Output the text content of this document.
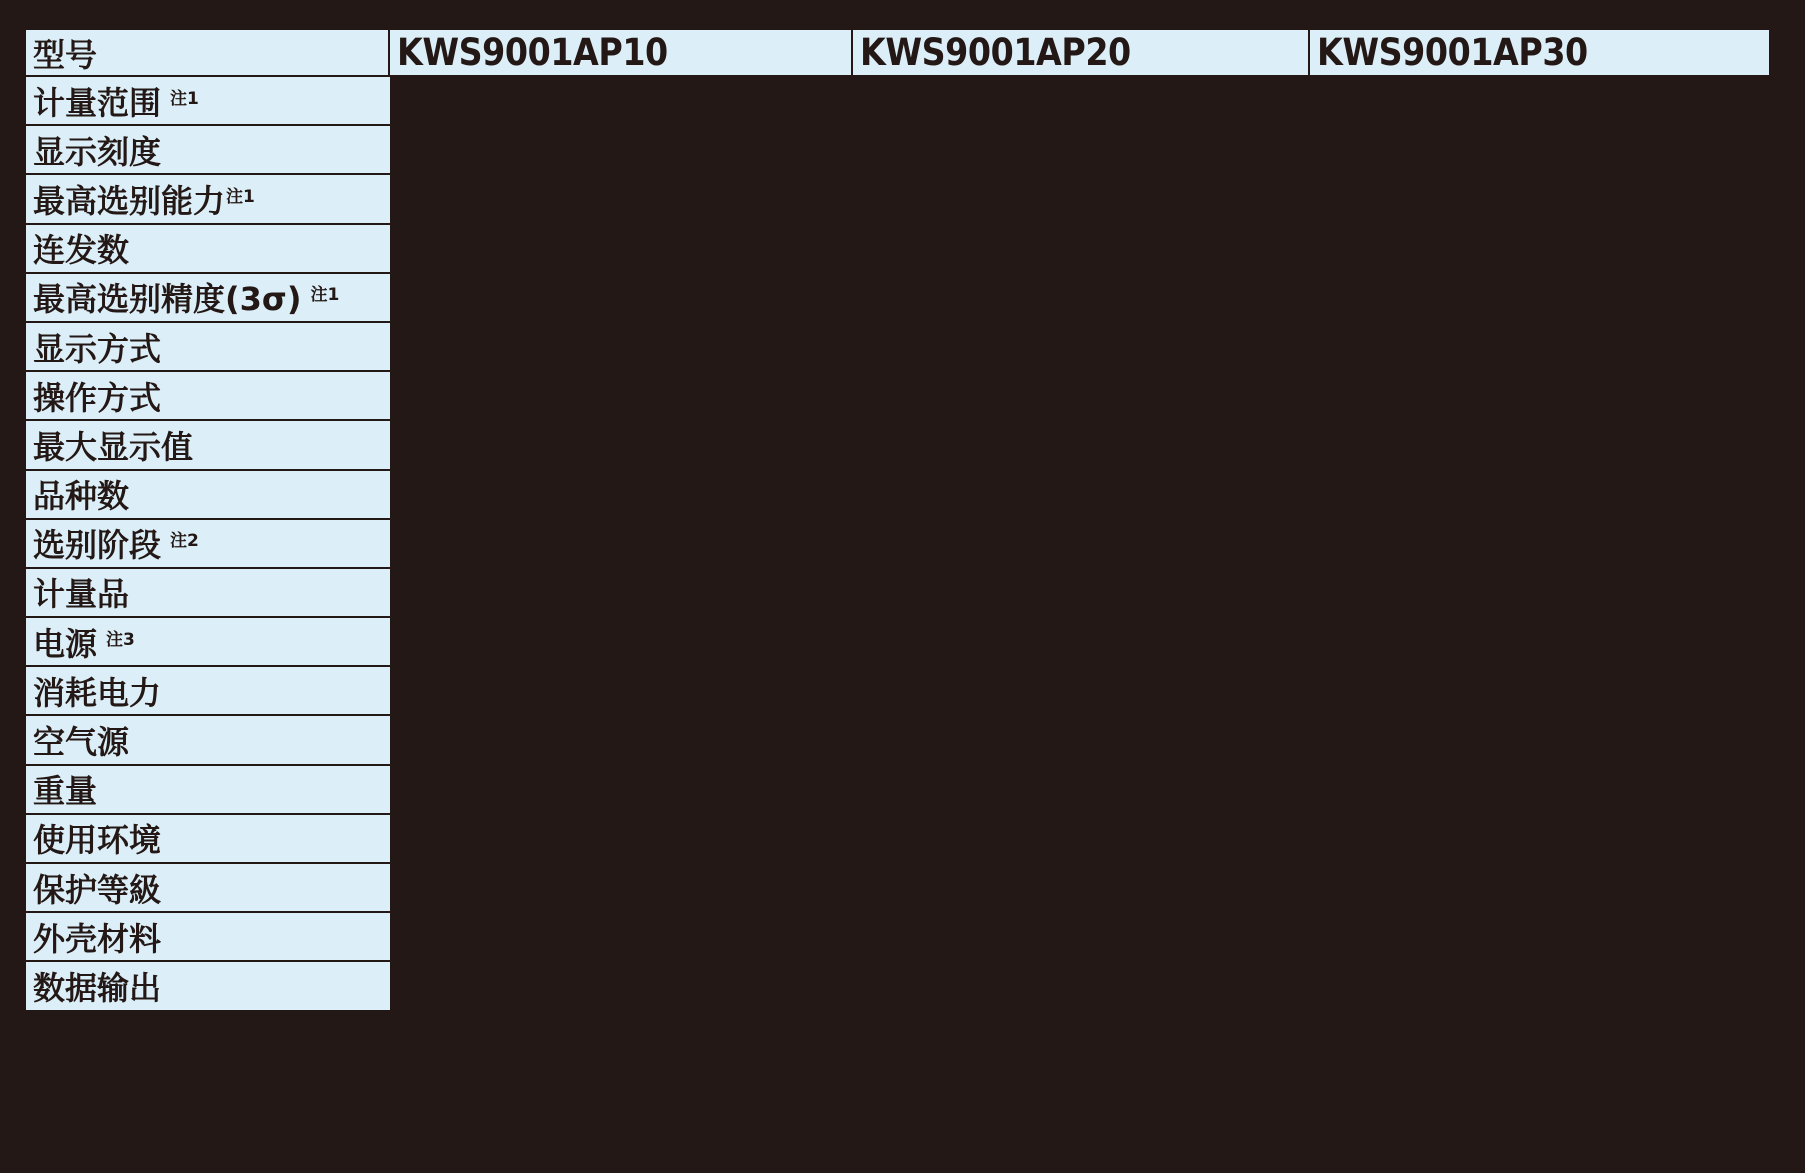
型号	KWS9001AP10	KWS9001AP20	KWS9001AP30
计量范围 $^{注1}$
显示刻度
最高选别能力$^{注1}$
连发数
最高选别精度(3σ) $^{注1}$
显示方式
操作方式
最大显示值
品种数
选别阶段 $^{注2}$
计量品
电源 $^{注3}$
消耗电力
空气源
重量
使用环境
保护等級
外壳材料
数据输出
